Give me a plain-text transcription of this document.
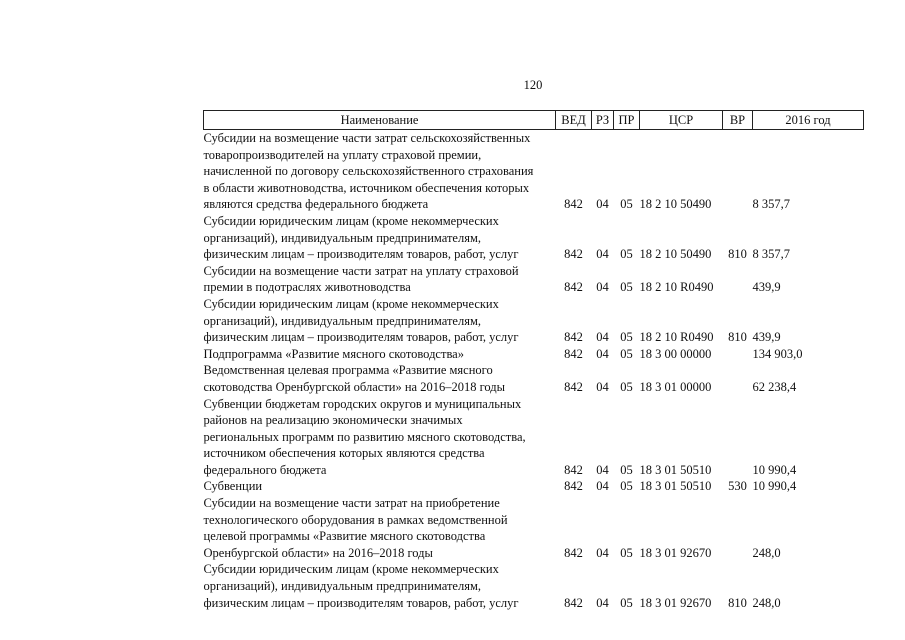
120
Наименование	ВЕД	РЗ	ПР	ЦСР	ВР	2016 год

Субсидии на возмещение части затрат сельскохозяйственных
товаропроизводителей на уплату страховой премии,
начисленной по договору сельскохозяйственного страхования
в области животноводства, источником обеспечения которых
являются средства федерального бюджета	842	04	05	18 2 10 50490		8 357,7

Субсидии юридическим лицам (кроме некоммерческих
организаций), индивидуальным предпринимателям,
физическим лицам – производителям товаров, работ, услуг	842	04	05	18 2 10 50490	810	8 357,7

Субсидии на возмещение части затрат на уплату страховой
премии в подотраслях животноводства	842	04	05	18 2 10 R0490		439,9

Субсидии юридическим лицам (кроме некоммерческих
организаций), индивидуальным предпринимателям,
физическим лицам – производителям товаров, работ, услуг	842	04	05	18 2 10 R0490	810	439,9

Подпрограмма «Развитие мясного скотоводства»	842	04	05	18 3 00 00000		134 903,0

Ведомственная целевая программа «Развитие мясного
скотоводства Оренбургской области» на 2016–2018 годы	842	04	05	18 3 01 00000		62 238,4

Субвенции бюджетам городских округов и муниципальных
районов на реализацию экономически значимых
региональных программ по развитию мясного скотоводства,
источником обеспечения которых являются средства
федерального бюджета	842	04	05	18 3 01 50510		10 990,4

Субвенции	842	04	05	18 3 01 50510	530	10 990,4

Субсидии на возмещение части затрат на приобретение
технологического оборудования в рамках ведомственной
целевой программы «Развитие мясного скотоводства
Оренбургской области» на 2016–2018 годы	842	04	05	18 3 01 92670		248,0

Субсидии юридическим лицам (кроме некоммерческих
организаций), индивидуальным предпринимателям,
физическим лицам – производителям товаров, работ, услуг	842	04	05	18 3 01 92670	810	248,0
